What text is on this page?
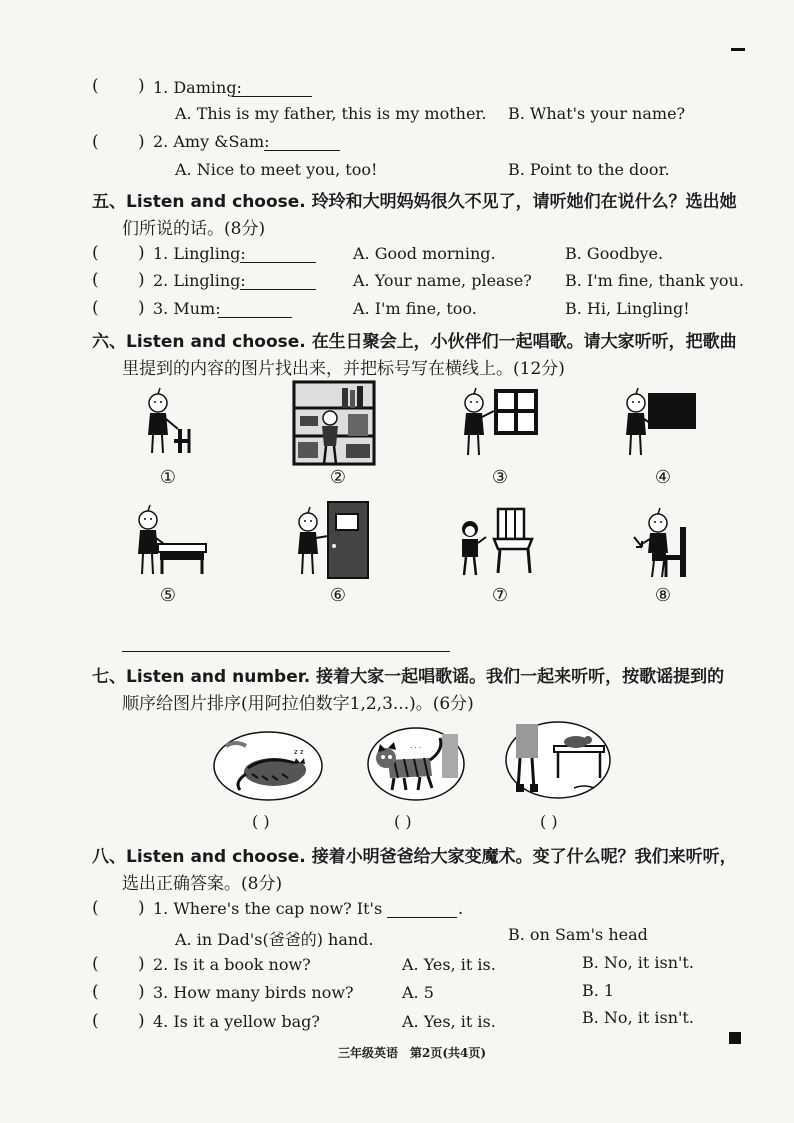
( ) 1. Daming:
A. This is my father, this is my mother. B. What's your name?
( ) 2. Amy &Sam:
A. Nice to meet you, too!	B. Point to the door.
五、Listen and choose. 玲玲和大明妈妈很久不见了，请听她们在说什么？选出她
们所说的话。(8分)
( ) 1. Lingling:	A. Good morning.	B. Goodbye.
( ) 2. Lingling:	A. Your name, please? B. I'm fine, thank you.
( ) 3. Mum:	A. I'm fine, too.	B. Hi, Lingling!
六、Listen and choose. 在生日聚会上，小伙伴们一起唱歌。请大家听听，把歌曲
里提到的内容的图片找出来，并把标号写在横线上。(12分)
①	②	③	④
⑤	⑥	⑦	⑧
七、Listen and number. 接着大家一起唱歌谣。我们一起来听听，按歌谣提到的
顺序给图片排序(用阿拉伯数字1,2,3...)。(6分)
z z
. . .
( )	( )	( )
八、Listen and choose. 接着小明爸爸给大家变魔术。变了什么呢？我们来听听，
选出正确答案。(8分)
( ) 1. Where's the cap now? It's	.
A. in Dad's(爸爸的) hand.	B. on Sam's head
( ) 2. Is it a book now?	A. Yes, it is.	B. No, it isn't.
( ) 3. How many birds now?	A. 5	B. 1
( ) 4. Is it a yellow bag?	A. Yes, it is.	B. No, it isn't.
三年级英语　第2页(共4页)
